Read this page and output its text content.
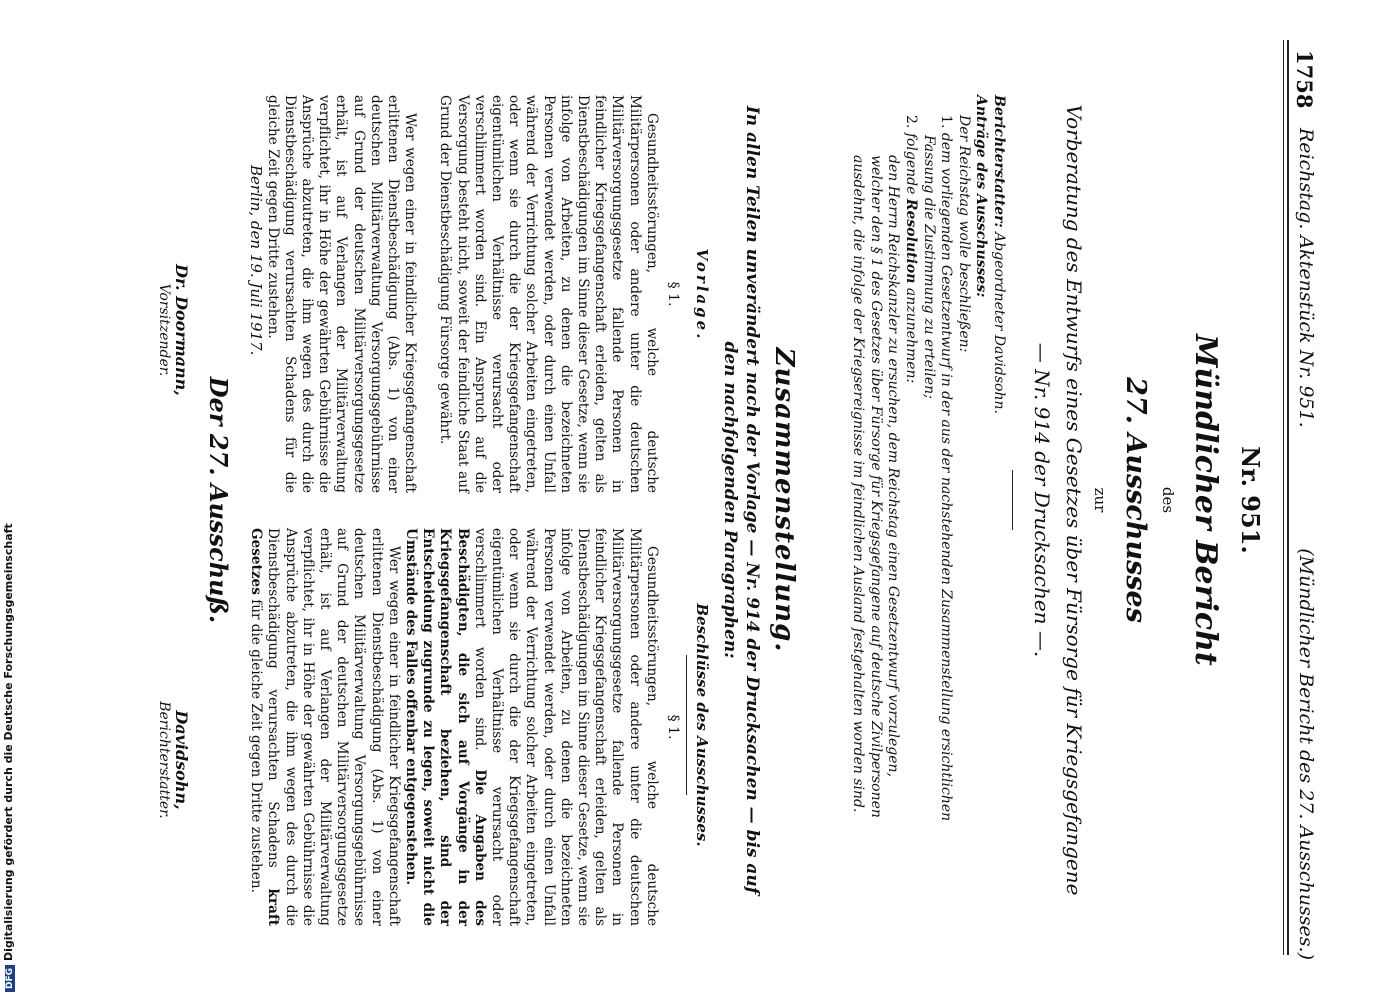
1758
Reichstag. Aktenstück Nr. 951.
(Mündlicher Bericht des 27. Ausschusses.)
Nr. 951.
Mündlicher Bericht
des
27. Ausschusses
zur
Vorberatung des Entwurfs eines Gesetzes über Fürsorge für Kriegsgefangene
— Nr. 914 der Drucksachen —.
Berichterstatter: Abgeordneter Davidsohn.
Anträge des Ausschusses:
Der Reichstag wolle beschließen:
1. dem vorliegenden Gesetzentwurf in der aus der nachstehenden Zusammenstellung ersichtlichen
Fassung die Zustimmung zu erteilen;
2. folgende Resolution anzunehmen:
den Herrn Reichskanzler zu ersuchen, dem Reichstag einen Gesetzentwurf vorzulegen,
welcher den § 1 des Gesetzes über Fürsorge für Kriegsgefangene auf deutsche Zivilpersonen
ausdehnt, die infolge der Kriegsereignisse im feindlichen Ausland festgehalten worden sind.
Zusammenstellung.
In allen Teilen unverändert nach der Vorlage — Nr. 914 der Drucksachen — bis auf
den nachfolgenden Paragraphen:
Vorlage.
Beschlüsse des Ausschusses.
§ 1.

Gesundheitsstörungen, welche deutsche Militärpersonen oder andere unter die deutschen Militärversorgungsgesetze fallende Personen in feindlicher Kriegsgefangenschaft erleiden, gelten als Dienstbeschädigungen im Sinne dieser Gesetze, wenn sie infolge von Arbeiten, zu denen die bezeichneten Personen verwendet werden, oder durch einen Unfall während der Verrichtung solcher Arbeiten eingetreten, oder wenn sie durch die der Kriegsgefangenschaft eigentümlichen Verhältnisse verursacht oder verschlimmert worden sind. Ein Anspruch auf die Versorgung besteht nicht, soweit der feindliche Staat auf Grund der Dienstbeschädigung Fürsorge gewährt.

Wer wegen einer in feindlicher Kriegsgefangenschaft erlittenen Dienstbeschädigung (Abs. 1) von einer deutschen Militärverwaltung Versorgungsgebührnisse auf Grund der deutschen Militärversorgungsgesetze erhält, ist auf Verlangen der Militärverwaltung verpflichtet, ihr in Höhe der gewährten Gebührnisse die Ansprüche abzutreten, die ihm wegen des durch die Dienstbeschädigung verursachten Schadens für die gleiche Zeit gegen Dritte zustehen.

§ 1.

Gesundheitsstörungen, welche deutsche Militärpersonen oder andere unter die deutschen Militärversorgungsgesetze fallende Personen in feindlicher Kriegsgefangenschaft erleiden, gelten als Dienstbeschädigungen im Sinne dieser Gesetze, wenn sie infolge von Arbeiten, zu denen die bezeichneten Personen verwendet werden, oder durch einen Unfall während der Verrichtung solcher Arbeiten eingetreten, oder wenn sie durch die der Kriegsgefangenschaft eigentümlichen Verhältnisse verursacht oder verschlimmert worden sind. Die Angaben des Beschädigten, die sich auf Vorgänge in der Kriegsgefangenschaft beziehen, sind der Entscheidung zugrunde zu legen, soweit nicht die Umstände des Falles offenbar entgegenstehen.

Wer wegen einer in feindlicher Kriegsgefangenschaft erlittenen Dienstbeschädigung (Abs. 1) von einer deutschen Militärverwaltung Versorgungsgebührnisse auf Grund der deutschen Militärversorgungsgesetze erhält, ist auf Verlangen der Militärverwaltung verpflichtet, ihr in Höhe der gewährten Gebührnisse die Ansprüche abzutreten, die ihm wegen des durch die Dienstbeschädigung verursachten Schadens kraft Gesetzes für die gleiche Zeit gegen Dritte zustehen.

Berlin, den 19. Juli 1917.
Der 27. Ausschuß.
Dr. Doormann,
Vorsitzender.
Davidsohn,
Berichterstatter.
DFGDigitalisierung gefördert durch die Deutsche Forschungsgemeinschaft
